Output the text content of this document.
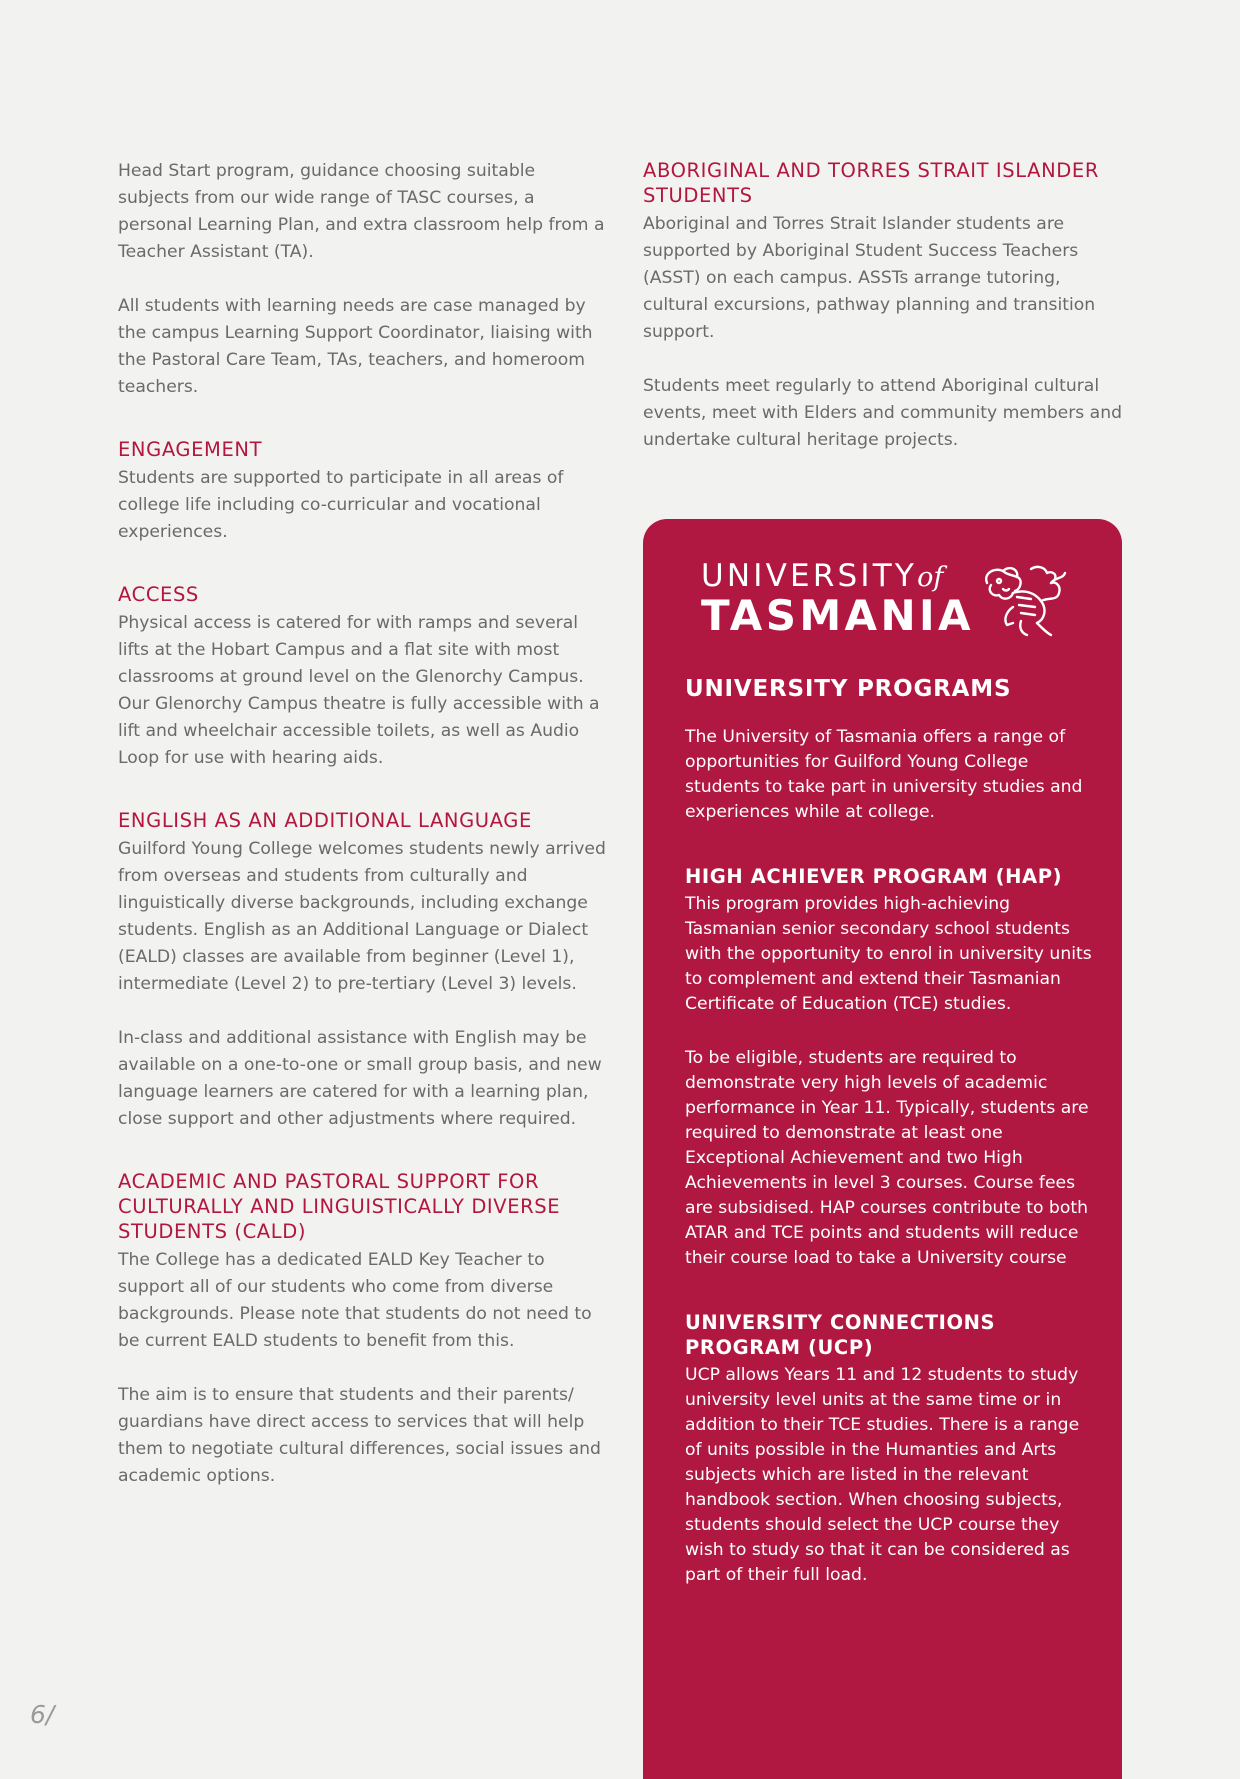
Head Start program, guidance choosing suitable subjects from our wide range of TASC courses, a personal Learning Plan, and extra classroom help from a Teacher Assistant (TA).

All students with learning needs are case managed by the campus Learning Support Coordinator, liaising with the Pastoral Care Team, TAs, teachers, and homeroom teachers.

ENGAGEMENT

Students are supported to participate in all areas of college life including co-curricular and vocational experiences.

ACCESS

Physical access is catered for with ramps and several lifts at the Hobart Campus and a flat site with most classrooms at ground level on the Glenorchy Campus. Our Glenorchy Campus theatre is fully accessible with a lift and wheelchair accessible toilets, as well as Audio Loop for use with hearing aids.

ENGLISH AS AN ADDITIONAL LANGUAGE

Guilford Young College welcomes students newly arrived from overseas and students from culturally and linguistically diverse backgrounds, including exchange students. English as an Additional Language or Dialect (EALD) classes are available from beginner (Level 1), intermediate (Level 2) to pre-tertiary (Level 3) levels.

In-class and additional assistance with English may be available on a one-to-one or small group basis, and new language learners are catered for with a learning plan, close support and other adjustments where required.

ACADEMIC AND PASTORAL SUPPORT FOR CULTURALLY AND LINGUISTICALLY DIVERSE STUDENTS (CALD)

The College has a dedicated EALD Key Teacher to support all of our students who come from diverse backgrounds. Please note that students do not need to be current EALD students to benefit from this.

The aim is to ensure that students and their parents/ guardians have direct access to services that will help them to negotiate cultural differences, social issues and academic options.

ABORIGINAL AND TORRES STRAIT ISLANDER STUDENTS

Aboriginal and Torres Strait Islander students are supported by Aboriginal Student Success Teachers (ASST) on each campus. ASSTs arrange tutoring, cultural excursions, pathway planning and transition support.

Students meet regularly to attend Aboriginal cultural events, meet with Elders and community members and undertake cultural heritage projects.

UNIVERSITYof
TASMANIA
UNIVERSITY PROGRAMS

The University of Tasmania offers a range of opportunities for Guilford Young College students to take part in university studies and experiences while at college.

HIGH ACHIEVER PROGRAM (HAP)

This program provides high-achieving Tasmanian senior secondary school students with the opportunity to enrol in university units to complement and extend their Tasmanian Certificate of Education (TCE) studies.

To be eligible, students are required to demonstrate very high levels of academic performance in Year 11. Typically, students are required to demonstrate at least one Exceptional Achievement and two High Achievements in level 3 courses. Course fees are subsidised. HAP courses contribute to both ATAR and TCE points and students will reduce their course load to take a University course

UNIVERSITY CONNECTIONS PROGRAM (UCP)

UCP allows Years 11 and 12 students to study university level units at the same time or in addition to their TCE studies. There is a range of units possible in the Humanties and Arts subjects which are listed in the relevant handbook section. When choosing subjects, students should select the UCP course they wish to study so that it can be considered as part of their full load.

6/
